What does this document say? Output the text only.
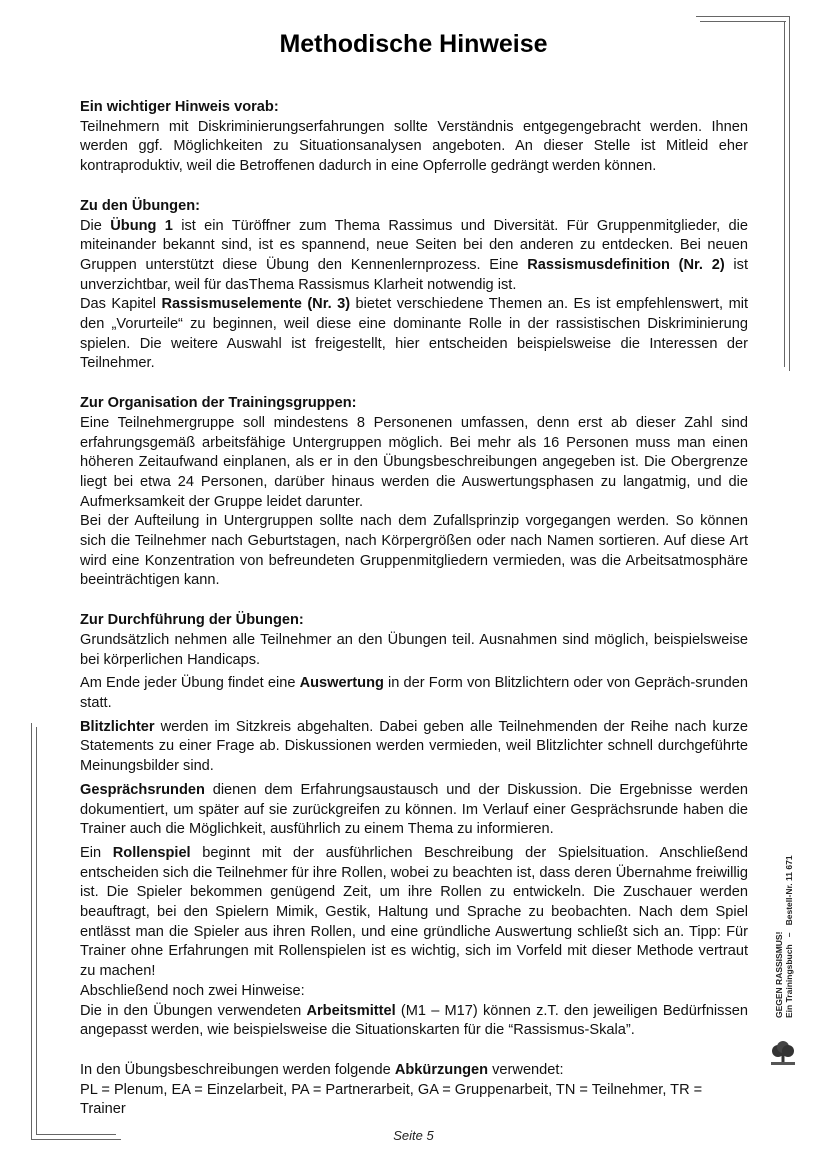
Methodische Hinweise
Ein wichtiger Hinweis vorab:

Teilnehmern mit Diskriminierungserfahrungen sollte Verständnis entgegengebracht werden. Ihnen werden ggf. Möglichkeiten zu Situationsanalysen angeboten. An dieser Stelle ist Mitleid eher kontraproduktiv, weil die Betroffenen dadurch in eine Opferrolle gedrängt werden können.

Zu den Übungen:

Die Übung 1 ist ein Türöffner zum Thema Rassimus und Diversität. Für Gruppenmitglieder, die miteinander bekannt sind, ist es spannend, neue Seiten bei den anderen zu entdecken. Bei neuen Gruppen unterstützt diese Übung den Kennenlernprozess. Eine Rassismusdefinition (Nr. 2) ist unverzichtbar, weil für dasThema Rassismus Klarheit notwendig ist.

Das Kapitel Rassismuselemente (Nr. 3) bietet verschiedene Themen an. Es ist empfehlenswert, mit den „Vorurteile“ zu beginnen, weil diese eine dominante Rolle in der rassistischen Diskriminierung spielen. Die weitere Auswahl ist freigestellt, hier entscheiden beispielsweise die Interessen der Teilnehmer.

Zur Organisation der Trainingsgruppen:

Eine Teilnehmergruppe soll mindestens 8 Personenen umfassen, denn erst ab dieser Zahl sind erfahrungsgemäß arbeitsfähige Untergruppen möglich. Bei mehr als 16 Personen muss man einen höheren Zeitaufwand einplanen, als er in den Übungsbeschreibungen angegeben ist. Die Obergrenze liegt bei etwa 24 Personen, darüber hinaus werden die Auswertungsphasen zu langatmig, und die Aufmerksamkeit der Gruppe leidet darunter.

Bei der Aufteilung in Untergruppen sollte nach dem Zufallsprinzip vorgegangen werden. So können sich die Teilnehmer nach Geburtstagen, nach Körpergrößen oder nach Namen sortieren. Auf diese Art wird eine Konzentration von befreundeten Gruppenmitgliedern vermieden, was die Arbeitsatmosphäre beeinträchtigen kann.

Zur Durchführung der Übungen:

Grundsätzlich nehmen alle Teilnehmer an den Übungen teil. Ausnahmen sind möglich, beispielsweise bei körperlichen Handicaps.

Am Ende jeder Übung findet eine Auswertung in der Form von Blitzlichtern oder von Gepräch-srunden statt.

Blitzlichter werden im Sitzkreis abgehalten. Dabei geben alle Teilnehmenden der Reihe nach kurze Statements zu einer Frage ab. Diskussionen werden vermieden, weil Blitzlichter schnell durchgeführte Meinungsbilder sind.

Gesprächsrunden dienen dem Erfahrungsaustausch und der Diskussion. Die Ergebnisse werden dokumentiert, um später auf sie zurückgreifen zu können. Im Verlauf einer Gesprächsrunde haben die Trainer auch die Möglichkeit, ausführlich zu einem Thema zu informieren.

Ein Rollenspiel beginnt mit der ausführlichen Beschreibung der Spielsituation. Anschließend entscheiden sich die Teilnehmer für ihre Rollen, wobei zu beachten ist, dass deren Übernahme freiwillig ist. Die Spieler bekommen genügend Zeit, um ihre Rollen zu entwickeln. Die Zuschauer werden beauftragt, bei den Spielern Mimik, Gestik, Haltung und Sprache zu beobachten. Nach dem Spiel entlässt man die Spieler aus ihren Rollen, und eine gründliche Auswertung schließt sich an. Tipp: Für Trainer ohne Erfahrungen mit Rollenspielen ist es wichtig, sich im Vorfeld mit dieser Methode vertraut zu machen!

Abschließend noch zwei Hinweise:

Die in den Übungen verwendeten Arbeitsmittel (M1 – M17) können z.T. den jeweiligen Bedürfnissen angepasst werden, wie beispielsweise die Situationskarten für die “Rassismus-Skala”.

In den Übungsbeschreibungen werden folgende Abkürzungen verwendet:

PL = Plenum, EA = Einzelarbeit, PA = Partnerarbeit, GA = Gruppenarbeit, TN = Teilnehmer, TR = Trainer

GEGEN RASSISMUS! Ein Trainingsbuch   –   Bestell-Nr. 11 671
Seite 5
